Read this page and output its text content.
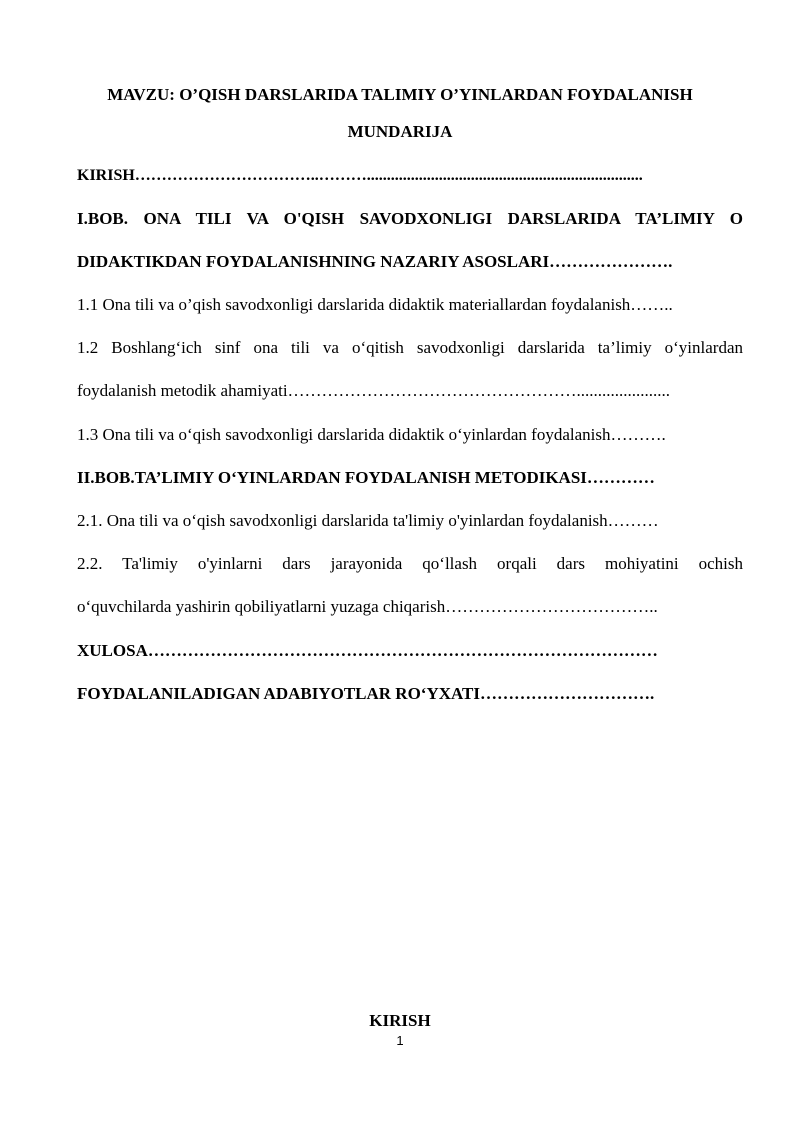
MAVZU: O’QISH DARSLARIDA TALIMIY O’YINLARDAN FOYDALANISH
MUNDARIJA
KIRISH……………………………..……….....................................................................
I.BOB. ONA TILI VA O'QISH SAVODXONLIGI DARSLARIDA TA’LIMIY O
DIDAKTIKDAN FOYDALANISHNING NAZARIY ASOSLARI………………….
1.1 Ona tili va o’qish savodxonligi darslarida didaktik materiallardan foydalanish……..
1.2 Boshlang‘ich sinf ona tili va o‘qitish savodxonligi darslarida ta’limiy o‘yinlardan
foydalanish metodik ahamiyati……………………………………………......................
1.3 Ona tili va o‘qish savodxonligi darslarida didaktik o‘yinlardan foydalanish……….
II.BOB.TA’LIMIY O‘YINLARDAN FOYDALANISH METODIKASI…………
2.1. Ona tili va o‘qish savodxonligi darslarida ta'limiy o'yinlardan foydalanish………
2.2. Ta'limiy o'yinlarni dars jarayonida qo‘llash orqali dars mohiyatini ochish
o‘quvchilarda yashirin qobiliyatlarni yuzaga chiqarish………………………………..
XULOSA………………………………………………………………………………
FOYDALANILADIGAN ADABIYOTLAR RO‘YXATI………………………….
KIRISH
1
